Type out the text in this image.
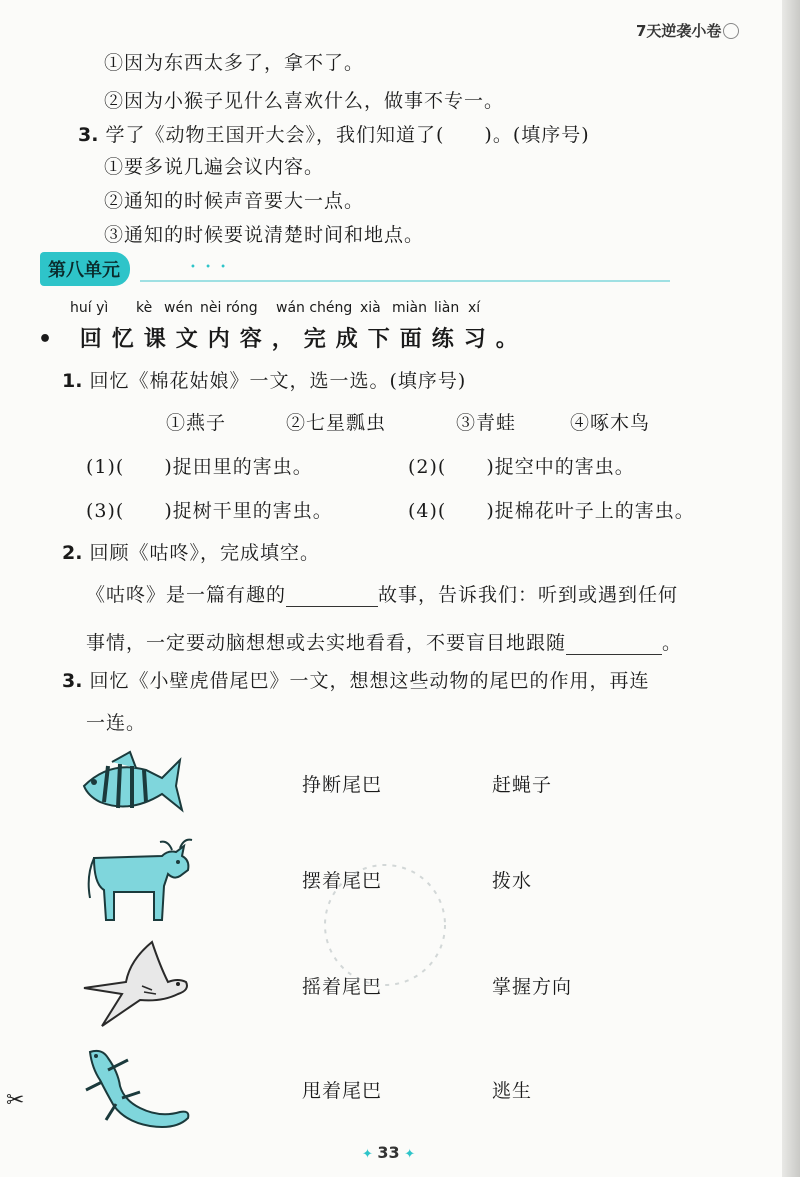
7天逆袭小卷
①因为东西太多了，拿不了。
②因为小猴子见什么喜欢什么，做事不专一。
3. 学了《动物王国开大会》，我们知道了(　　)。(填序号)
①要多说几遍会议内容。
②通知的时候声音要大一点。
③通知的时候要说清楚时间和地点。
第八单元	• • •
huí yì kè wén nèi róng wán chéng xià miàn liàn xí
• 回忆课文内容，完成下面练习。
1. 回忆《棉花姑娘》一文，选一选。(填序号)
①燕子	②七星瓢虫	③青蛙	④啄木鸟
(1)(　　)捉田里的害虫。	(2)(　　)捉空中的害虫。
(3)(　　)捉树干里的害虫。	(4)(　　)捉棉花叶子上的害虫。
2. 回顾《咕咚》，完成填空。
《咕咚》是一篇有趣的	故事，告诉我们：听到或遇到任何
事情，一定要动脑想想或去实地看看，不要盲目地跟随	。
3. 回忆《小壁虎借尾巴》一文，想想这些动物的尾巴的作用，再连
一连。
挣断尾巴	赶蝇子
摆着尾巴	拨水
摇着尾巴	掌握方向
甩着尾巴	逃生
✂
✦ 33 ✦
